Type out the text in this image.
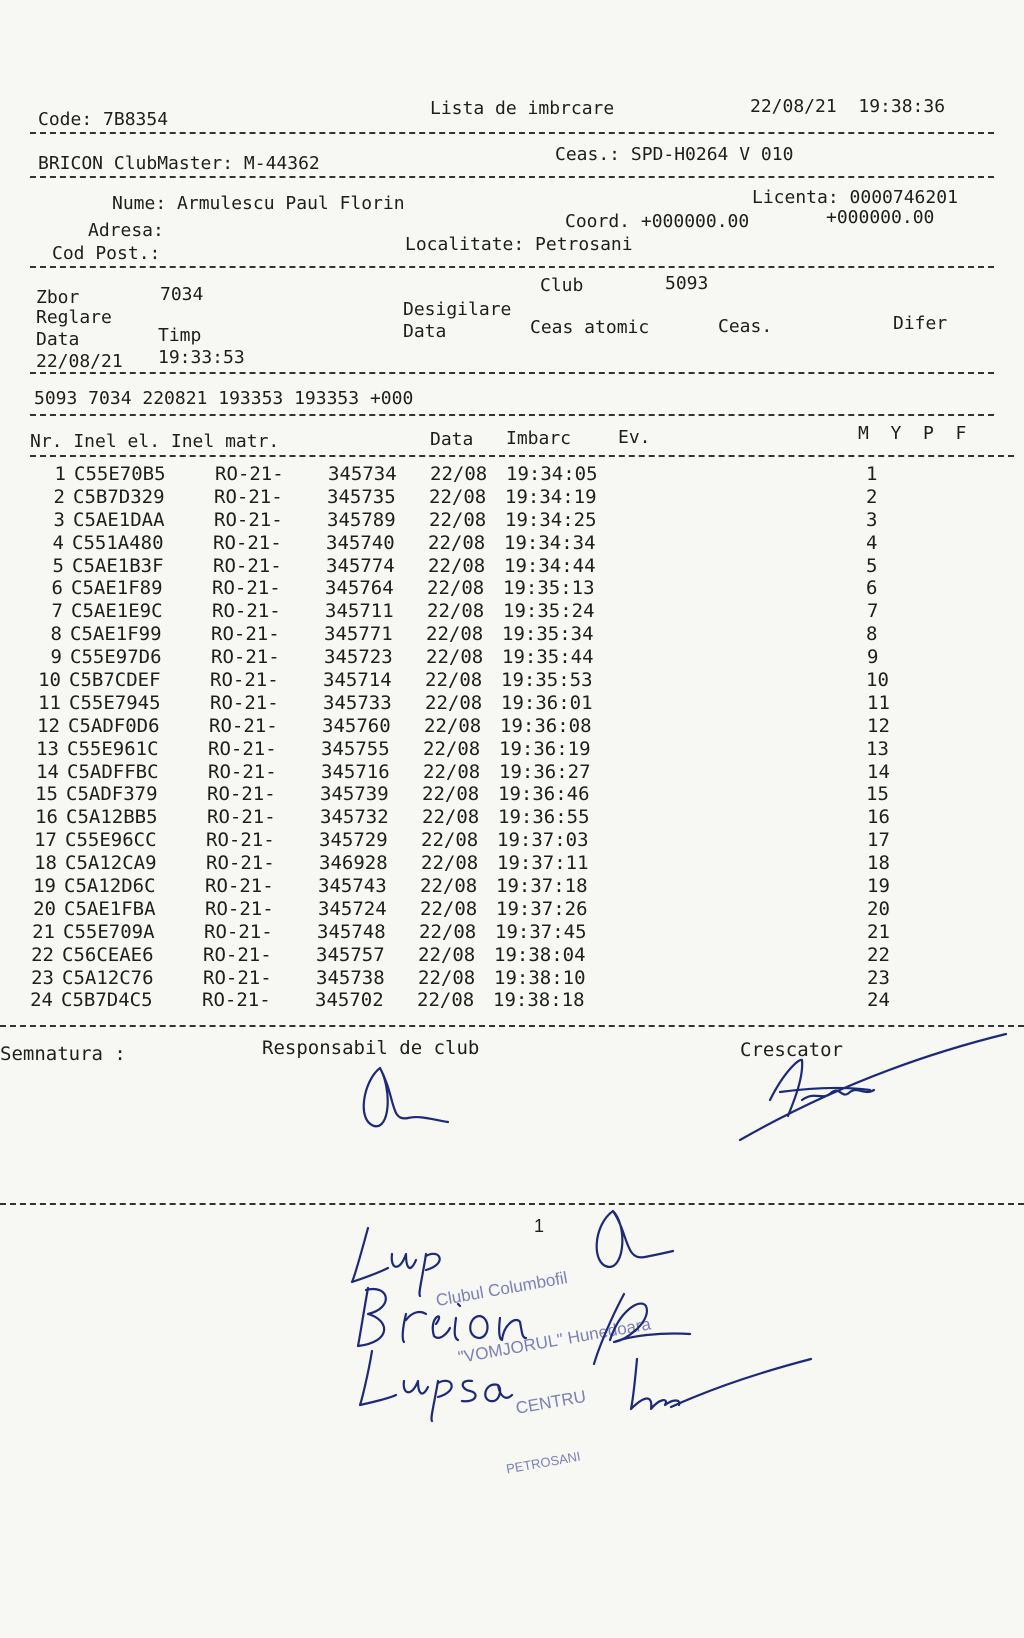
Code: 7B8354
Lista de imbrcare	22/08/21  19:38:36
BRICON ClubMaster: M-44362	Ceas.: SPD-H0264 V 010
Nume: Armulescu Paul Florin	Licenta: 0000746201
Adresa:	Coord. +000000.00	+000000.00
Cod Post.:	Localitate: Petrosani
Zbor	7034	Club	5093
Reglare	Desigilare
Data	Timp	Data	Ceas atomic	Ceas.	Difer
22/08/21 19:33:53
5093 7034 220821 193353 193353 +000
Nr. Inel el. Inel matr.	Data Imbarc	Ev.	M  Y  P  F
1 C55E70B5	RO-21- 345734 22/08 19:34:05	1
2 C5B7D329	RO-21- 345735 22/08 19:34:19	2
3 C5AE1DAA	RO-21- 345789 22/08 19:34:25	3
4 C551A480	RO-21- 345740 22/08 19:34:34	4
5 C5AE1B3F	RO-21- 345774 22/08 19:34:44	5
6 C5AE1F89	RO-21- 345764 22/08 19:35:13	6
7 C5AE1E9C	RO-21- 345711 22/08 19:35:24	7
8 C5AE1F99	RO-21- 345771 22/08 19:35:34	8
9 C55E97D6	RO-21- 345723 22/08 19:35:44	9
10 C5B7CDEF	RO-21- 345714 22/08 19:35:53	10
11 C55E7945	RO-21- 345733 22/08 19:36:01	11
12 C5ADF0D6	RO-21- 345760 22/08 19:36:08	12
13 C55E961C	RO-21- 345755 22/08 19:36:19	13
14 C5ADFFBC	RO-21- 345716 22/08 19:36:27	14
15 C5ADF379	RO-21- 345739 22/08 19:36:46	15
16 C5A12BB5	RO-21- 345732 22/08 19:36:55	16
17 C55E96CC	RO-21- 345729 22/08 19:37:03	17
18 C5A12CA9	RO-21- 346928 22/08 19:37:11	18
19 C5A12D6C	RO-21- 345743 22/08 19:37:18	19
20 C5AE1FBA	RO-21- 345724 22/08 19:37:26	20
21 C55E709A	RO-21- 345748 22/08 19:37:45	21
22 C56CEAE6	RO-21- 345757 22/08 19:38:04	22
23 C5A12C76	RO-21- 345738 22/08 19:38:10	23
24 C5B7D4C5	RO-21- 345702 22/08 19:38:18	24
Semnatura :	Responsabil de club	Crescator
1

Clubul Columbofil

"VOMJORUL" Hunedoara

CENTRU

PETROSANI
